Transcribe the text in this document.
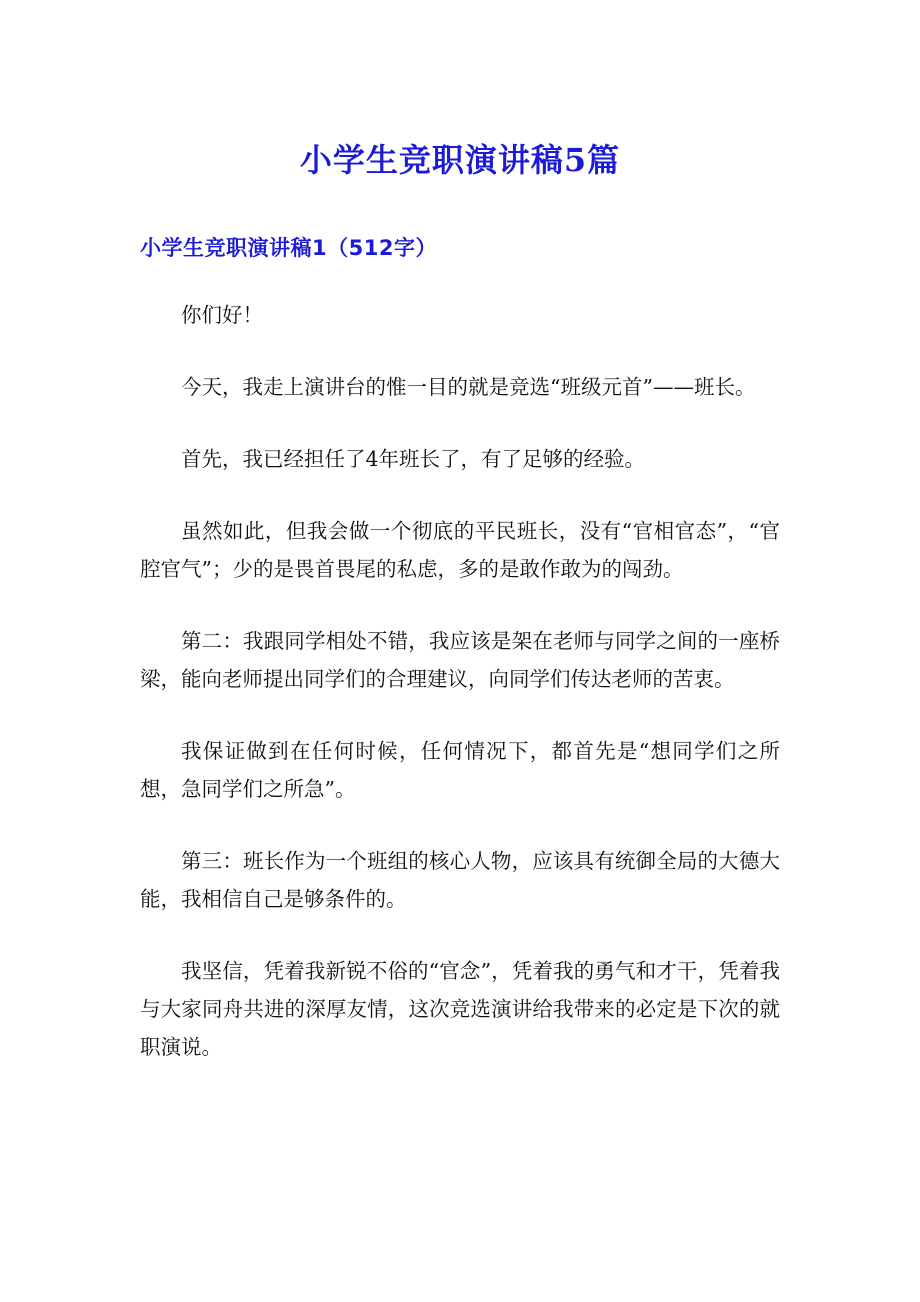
小学生竞职演讲稿5篇
小学生竞职演讲稿1（512字）

你们好！

今天，我走上演讲台的惟一目的就是竞选“班级元首”——班长。

首先，我已经担任了4年班长了，有了足够的经验。

虽然如此，但我会做一个彻底的平民班长，没有“官相官态”，“官腔官气”；少的是畏首畏尾的私虑，多的是敢作敢为的闯劲。

第二：我跟同学相处不错，我应该是架在老师与同学之间的一座桥梁，能向老师提出同学们的合理建议，向同学们传达老师的苦衷。

我保证做到在任何时候，任何情况下，都首先是“想同学们之所想，急同学们之所急”。

第三：班长作为一个班组的核心人物，应该具有统御全局的大德大能，我相信自己是够条件的。

我坚信，凭着我新锐不俗的“官念”，凭着我的勇气和才干，凭着我与大家同舟共进的深厚友情，这次竞选演讲给我带来的必定是下次的就职演说。
